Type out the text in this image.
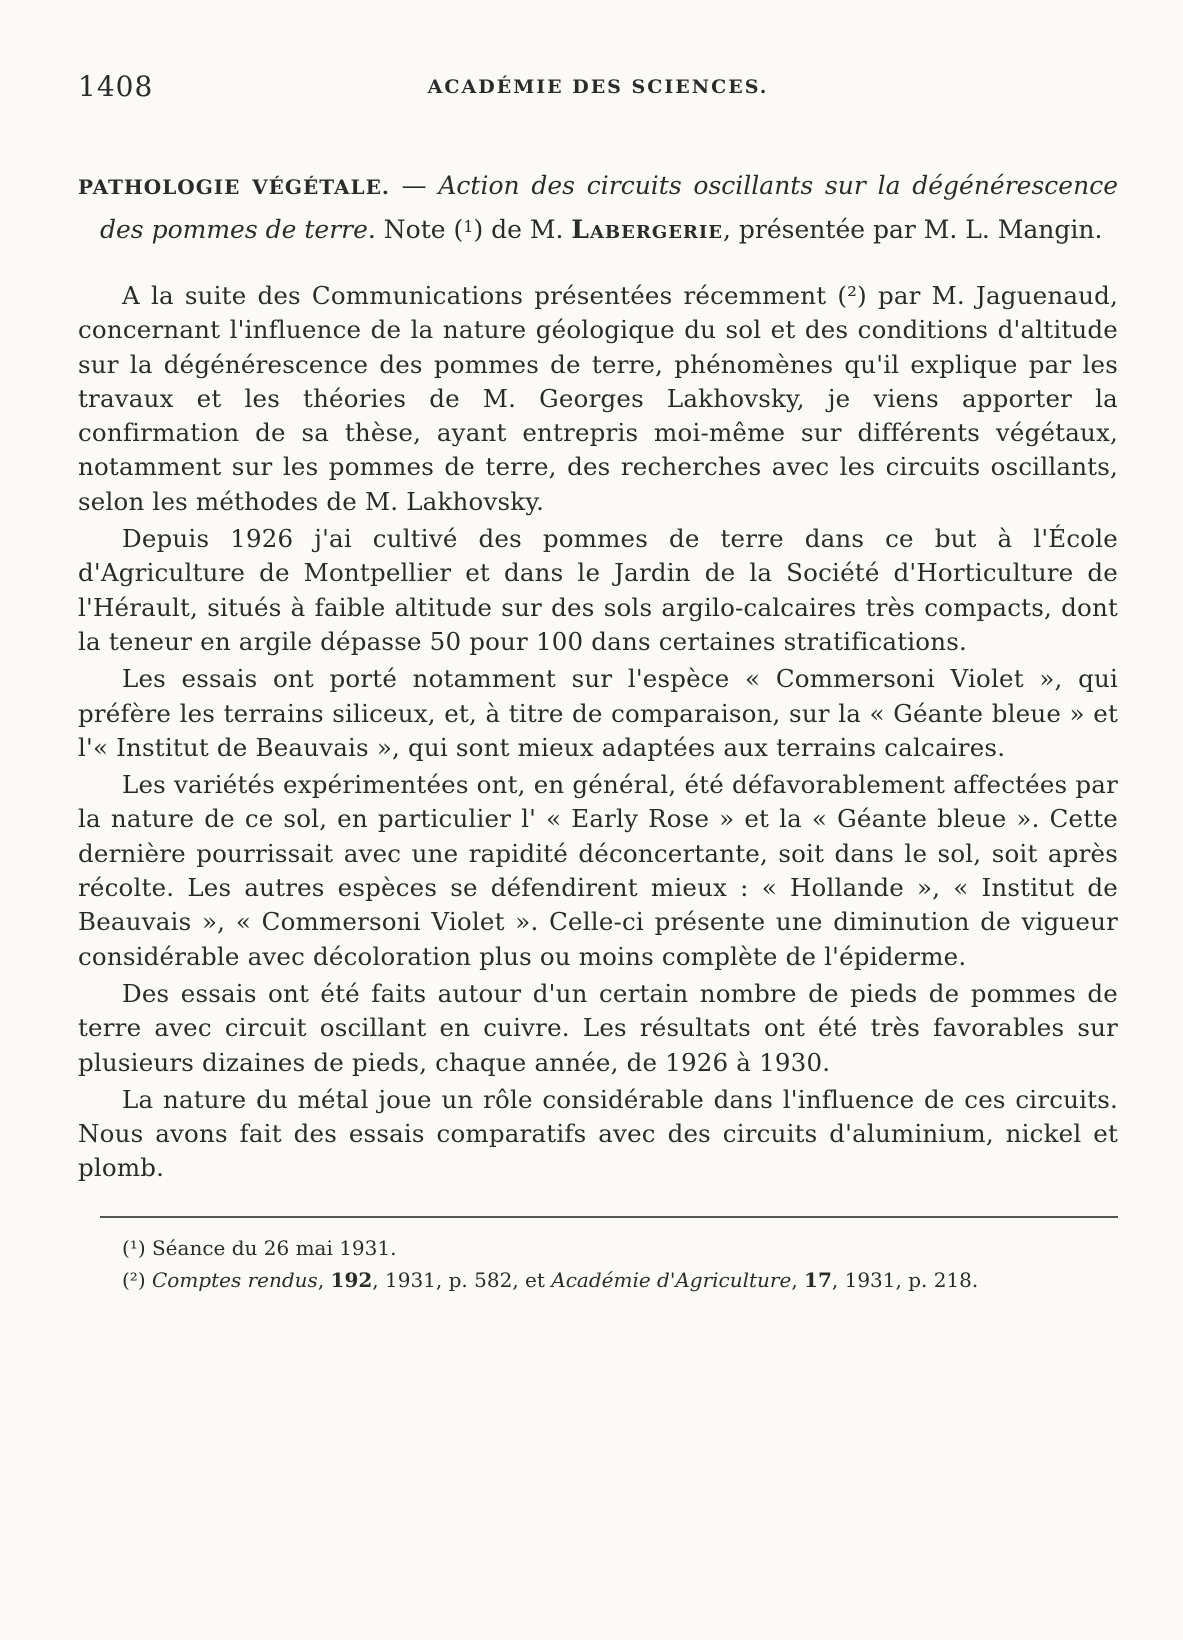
1408	ACADÉMIE DES SCIENCES.
PATHOLOGIE VÉGÉTALE. — Action des circuits oscillants sur la dégénérescence des pommes de terre. Note ($^1$) de M. Labergerie, présentée par M. L. Mangin.

A la suite des Communications présentées récemment (²) par M. Jaguenaud, concernant l'influence de la nature géologique du sol et des conditions d'altitude sur la dégénérescence des pommes de terre, phénomènes qu'il explique par les travaux et les théories de M. Georges Lakhovsky, je viens apporter la confirmation de sa thèse, ayant entrepris moi-même sur différents végétaux, notamment sur les pommes de terre, des recherches avec les circuits oscillants, selon les méthodes de M. Lakhovsky.

Depuis 1926 j'ai cultivé des pommes de terre dans ce but à l'École d'Agriculture de Montpellier et dans le Jardin de la Société d'Horticulture de l'Hérault, situés à faible altitude sur des sols argilo-calcaires très compacts, dont la teneur en argile dépasse 50 pour 100 dans certaines stratifications.

Les essais ont porté notamment sur l'espèce « Commersoni Violet », qui préfère les terrains siliceux, et, à titre de comparaison, sur la « Géante bleue » et l'« Institut de Beauvais », qui sont mieux adaptées aux terrains calcaires.

Les variétés expérimentées ont, en général, été défavorablement affectées par la nature de ce sol, en particulier l' « Early Rose » et la « Géante bleue ». Cette dernière pourrissait avec une rapidité déconcertante, soit dans le sol, soit après récolte. Les autres espèces se défendirent mieux : « Hollande », « Institut de Beauvais », « Commersoni Violet ». Celle-ci présente une diminution de vigueur considérable avec décoloration plus ou moins complète de l'épiderme.

Des essais ont été faits autour d'un certain nombre de pieds de pommes de terre avec circuit oscillant en cuivre. Les résultats ont été très favorables sur plusieurs dizaines de pieds, chaque année, de 1926 à 1930.

La nature du métal joue un rôle considérable dans l'influence de ces circuits. Nous avons fait des essais comparatifs avec des circuits d'aluminium, nickel et plomb.

(¹) Séance du 26 mai 1931.

(²) Comptes rendus, 192, 1931, p. 582, et Académie d'Agriculture, 17, 1931, p. 218.
